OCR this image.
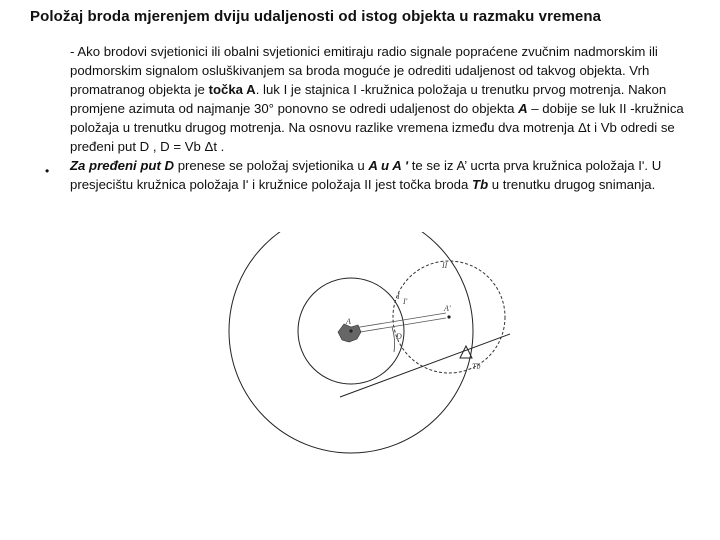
Položaj broda mjerenjem dviju udaljenosti od istog objekta u razmaku vremena

- Ako brodovi svjetionici ili obalni svjetionici emitiraju radio signale popraćene zvučnim nadmorskim ili podmorskim signalom osluškivanjem sa broda moguće je odrediti udaljenost od takvog objekta. Vrh promatranog objekta je točka A. luk I je stajnica I -kružnica položaja u trenutku prvog motrenja. Nakon promjene azimuta od najmanje 30° ponovno se odredi udaljenost do objekta A – dobije se luk II -kružnica položaja u trenutku drugog motrenja. Na osnovu razlike vremena između dva motrenja Δt i Vb odredi se pređeni put D , D = Vb Δt .

Za pređeni put D prenese se položaj svjetionika u A u A ʹ te se iz A’ ucrta prva kružnica položaja Iʹ. U presjecištu kružnica položaja Iʹ i kružnice položaja II jest točka broda Tb u trenutku drugog snimanja.

•
II
I'
I
A
A'
D
Tb
